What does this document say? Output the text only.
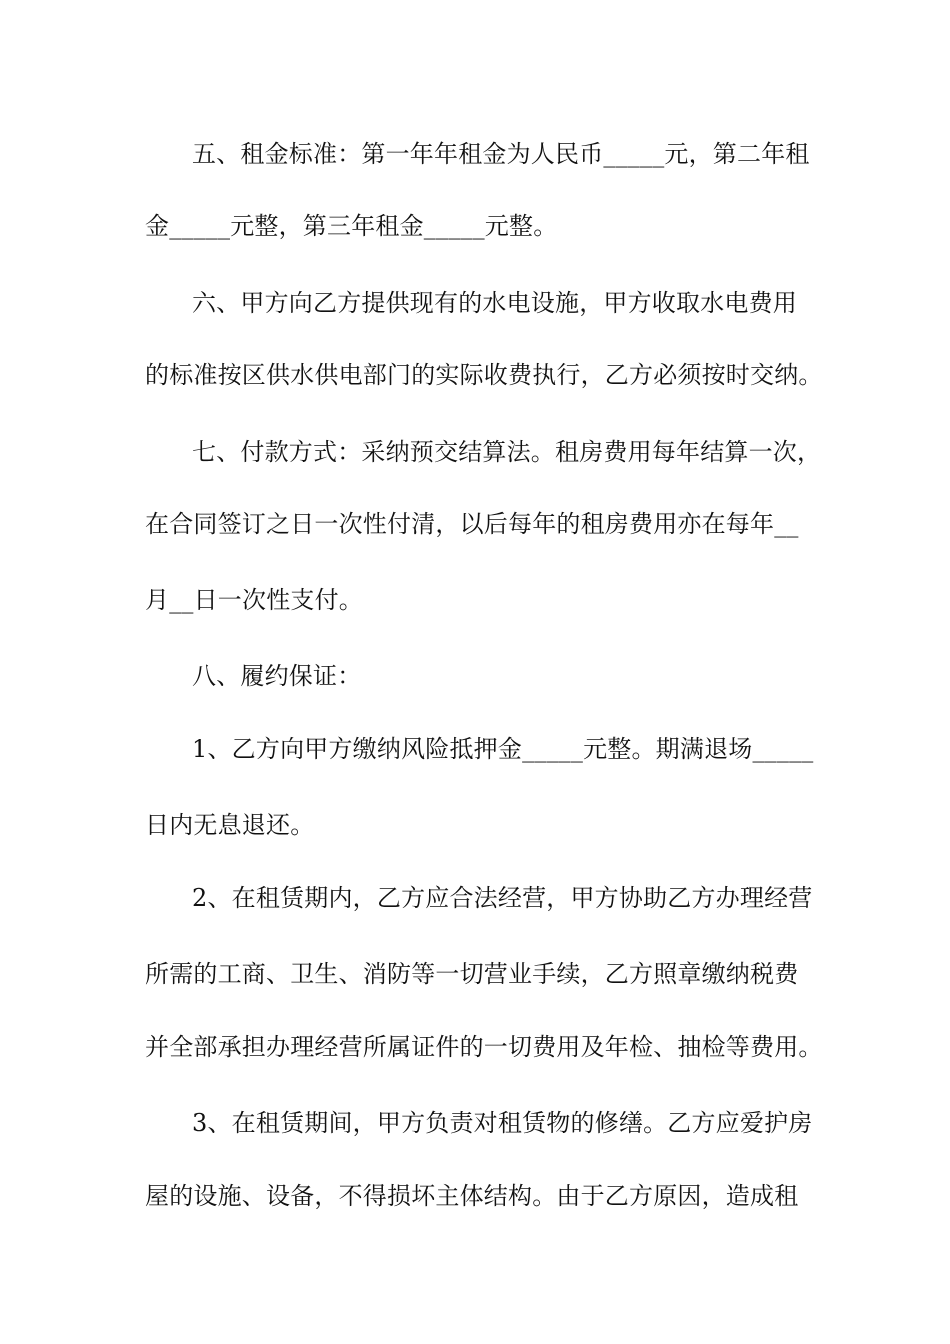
五、租金标准：第一年年租金为人民币_____元，第二年租
金_____元整，第三年租金_____元整。
六、甲方向乙方提供现有的水电设施，甲方收取水电费用
的标准按区供水供电部门的实际收费执行，乙方必须按时交纳。
七、付款方式：采纳预交结算法。租房费用每年结算一次，
在合同签订之日一次性付清，以后每年的租房费用亦在每年__
月__日一次性支付。
八、履约保证：
1、乙方向甲方缴纳风险抵押金_____元整。期满退场_____
日内无息退还。
2、在租赁期内，乙方应合法经营，甲方协助乙方办理经营
所需的工商、卫生、消防等一切营业手续，乙方照章缴纳税费
并全部承担办理经营所属证件的一切费用及年检、抽检等费用。
3、在租赁期间，甲方负责对租赁物的修缮。乙方应爱护房
屋的设施、设备，不得损坏主体结构。由于乙方原因，造成租
